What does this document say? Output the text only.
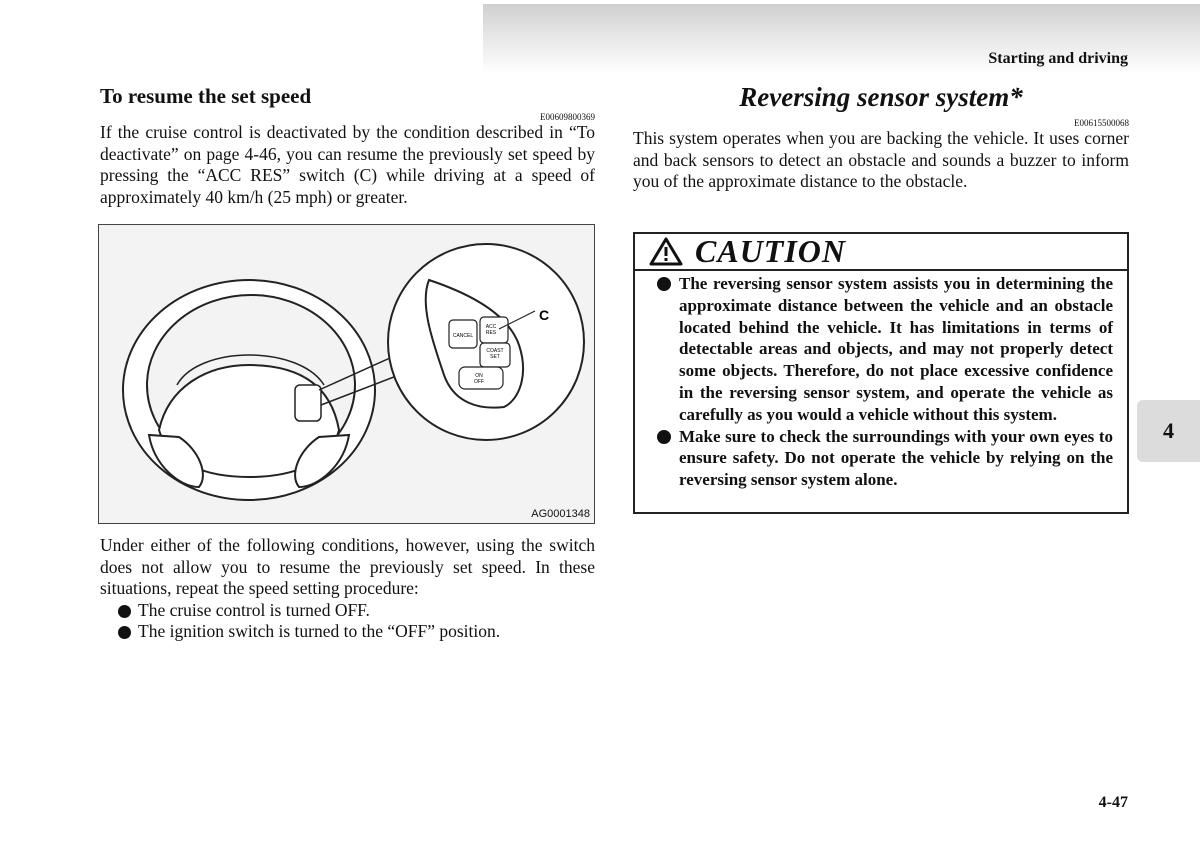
Starting and driving
To resume the set speed
E00609800369

If the cruise control is deactivated by the condition described in “To deactivate” on page 4-46, you can resume the previously set speed by pressing the “ACC RES” switch (C) while driving at a speed of approximately 40 km/h (25 mph) or greater.

CANCEL
ACC
RES
COAST
SET
ON
OFF
C
AG0001348

Under either of the following conditions, however, using the switch does not allow you to resume the previously set speed. In these situations, repeat the speed setting procedure:

The cruise control is turned OFF.
The ignition switch is turned to the “OFF” position.
Reversing sensor system*
E00615500068

This system operates when you are backing the vehicle. It uses corner and back sensors to detect an obstacle and sounds a buzzer to inform you of the approximate distance to the obstacle.

CAUTION
The reversing sensor system assists you in determining the approximate distance between the vehicle and an obstacle located behind the vehicle. It has limitations in terms of detectable areas and objects, and may not properly detect some objects. Therefore, do not place excessive confidence in the reversing sensor system, and operate the vehicle as carefully as you would a vehicle without this system.
Make sure to check the surroundings with your own eyes to ensure safety. Do not operate the vehicle by relying on the reversing sensor system alone.
4
4-47
